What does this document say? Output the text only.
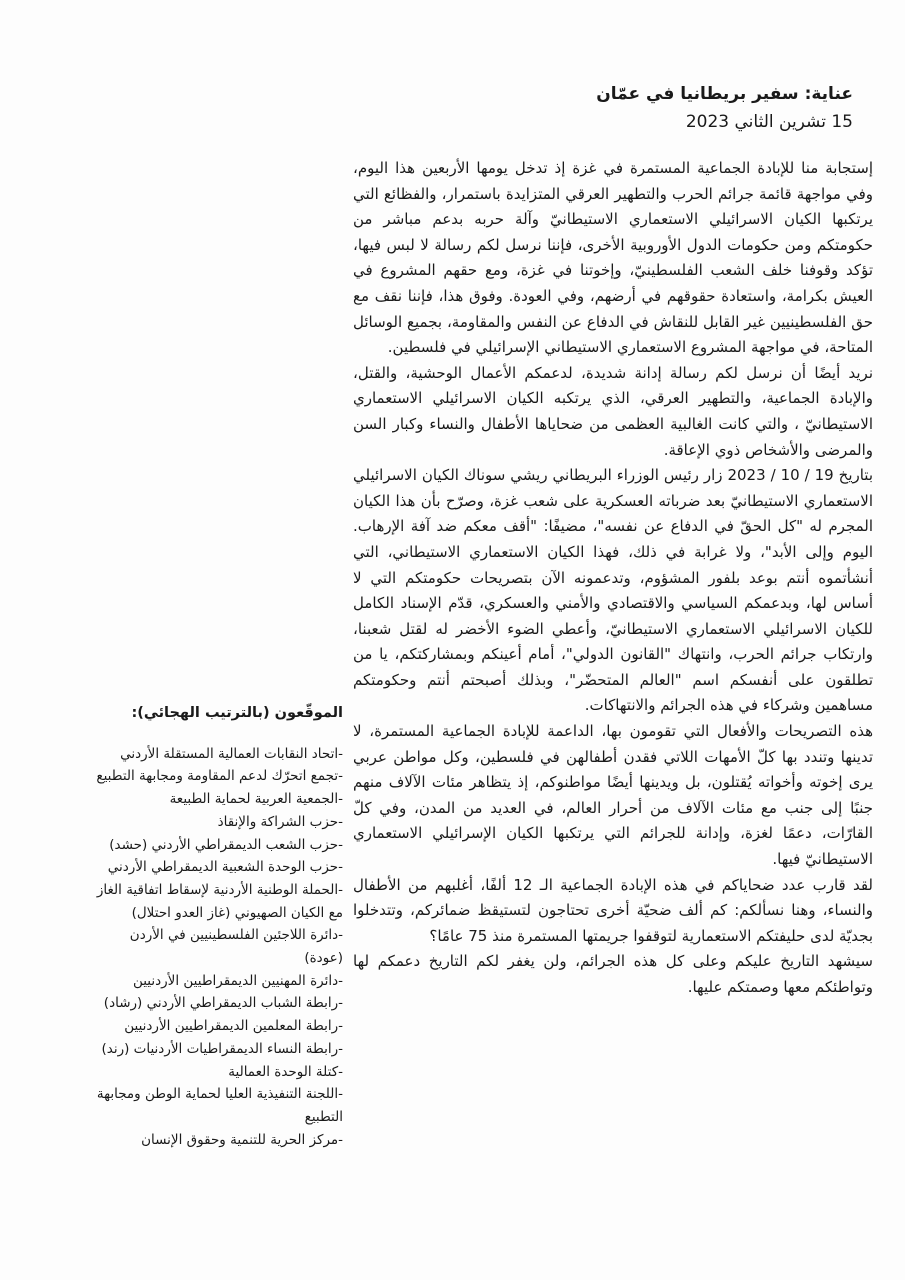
عناية: سفير بريطانيا في عمّان
15 تشرين الثاني 2023

إستجابة منا للإبادة الجماعية المستمرة في غزة إذ تدخل يومها الأربعين هذا اليوم، وفي مواجهة قائمة جرائم الحرب والتطهير العرقي المتزايدة باستمرار، والفظائع التي يرتكبها الكيان الاسرائيلي الاستعماري الاستيطانيّ وآلة حربه بدعم مباشر من حكومتكم ومن حكومات الدول الأوروبية الأخرى، فإننا نرسل لكم رسالة لا لبس فيها، تؤكد وقوفنا خلف الشعب الفلسطينيّ، وإخوتنا في غزة، ومع حقهم المشروع في العيش بكرامة، واستعادة حقوقهم في أرضهم، وفي العودة. وفوق هذا، فإننا نقف مع حق الفلسطينيين غير القابل للنقاش في الدفاع عن النفس والمقاومة، بجميع الوسائل المتاحة، في مواجهة المشروع الاستعماري الاستيطاني الإسرائيلي في فلسطين.

نريد أيضًا أن نرسل لكم رسالة إدانة شديدة، لدعمكم الأعمال الوحشية، والقتل، والإبادة الجماعية، والتطهير العرقي، الذي يرتكبه الكيان الاسرائيلي الاستعماري الاستيطانيّ ، والتي كانت الغالبية العظمى من ضحاياها الأطفال والنساء وكبار السن والمرضى والأشخاص ذوي الإعاقة.

بتاريخ 19 / 10 / 2023 زار رئيس الوزراء البريطاني ريشي سوناك الكيان الاسرائيلي الاستعماري الاستيطانيّ بعد ضرباته العسكرية على شعب غزة، وصرّح بأن هذا الكيان المجرم له "كل الحقّ في الدفاع عن نفسه"، مضيفًا: "أقف معكم ضد آفة الإرهاب. اليوم وإلى الأبد"، ولا غرابة في ذلك، فهذا الكيان الاستعماري الاستيطاني، التي أنشأتموه أنتم بوعد بلفور المشؤوم، وتدعمونه الآن بتصريحات حكومتكم التي لا أساس لها، وبدعمكم السياسي والاقتصادي والأمني والعسكري، قدّم الإسناد الكامل للكيان الاسرائيلي الاستعماري الاستيطانيّ، وأعطي الضوء الأخضر له لقتل شعبنا، وارتكاب جرائم الحرب، وانتهاك "القانون الدولي"، أمام أعينكم وبمشاركتكم، يا من تطلقون على أنفسكم اسم "العالم المتحضّر"، وبذلك أصبحتم أنتم وحكومتكم مساهمين وشركاء في هذه الجرائم والانتهاكات.

هذه التصريحات والأفعال التي تقومون بها، الداعمة للإبادة الجماعية المستمرة، لا تدينها وتندد بها كلّ الأمهات اللاتي فقدن أطفالهن في فلسطين، وكل مواطن عربي يرى إخوته وأخواته يُقتلون، بل ويدينها أيضًا مواطنوكم، إذ يتظاهر مئات الآلاف منهم جنبًا إلى جنب مع مئات الآلاف من أحرار العالم، في العديد من المدن، وفي كلّ القارّات، دعمًا لغزة، وإدانة للجرائم التي يرتكبها الكيان الإسرائيلي الاستعماري الاستيطانيّ فيها.

لقد قارب عدد ضحاياكم في هذه الإبادة الجماعية الـ 12 ألفًا، أغلبهم من الأطفال والنساء، وهنا نسألكم: كم ألف ضحيّة أخرى تحتاجون لتستيقظ ضمائركم، وتتدخلوا بجديّة لدى حليفتكم الاستعمارية لتوقفوا جريمتها المستمرة منذ 75 عامًا؟

سيشهد التاريخ عليكم وعلى كل هذه الجرائم، ولن يغفر لكم التاريخ دعمكم لها وتواطئكم معها وصمتكم عليها.

الموقّعون (بالترتيب الهجائي):
-اتحاد النقابات العمالية المستقلة الأردني
-تجمع اتحرّك لدعم المقاومة ومجابهة التطبيع
-الجمعية العربية لحماية الطبيعة
-حزب الشراكة والإنقاذ
-حزب الشعب الديمقراطي الأردني (حشد)
-حزب الوحدة الشعبية الديمقراطي الأردني
-الحملة الوطنية الأردنية لإسقاط اتفاقية الغاز مع الكيان الصهيوني (غاز العدو احتلال)
-دائرة اللاجئين الفلسطينيين في الأردن (عودة)
-دائرة المهنيين الديمقراطيين الأردنيين
-رابطة الشباب الديمقراطي الأردني (رشاد)
-رابطة المعلمين الديمقراطيين الأردنيين
-رابطة النساء الديمقراطيات الأردنيات (رند)
-كتلة الوحدة العمالية
-اللجنة التنفيذية العليا لحماية الوطن ومجابهة التطبيع
-مركز الحرية للتنمية وحقوق الإنسان
